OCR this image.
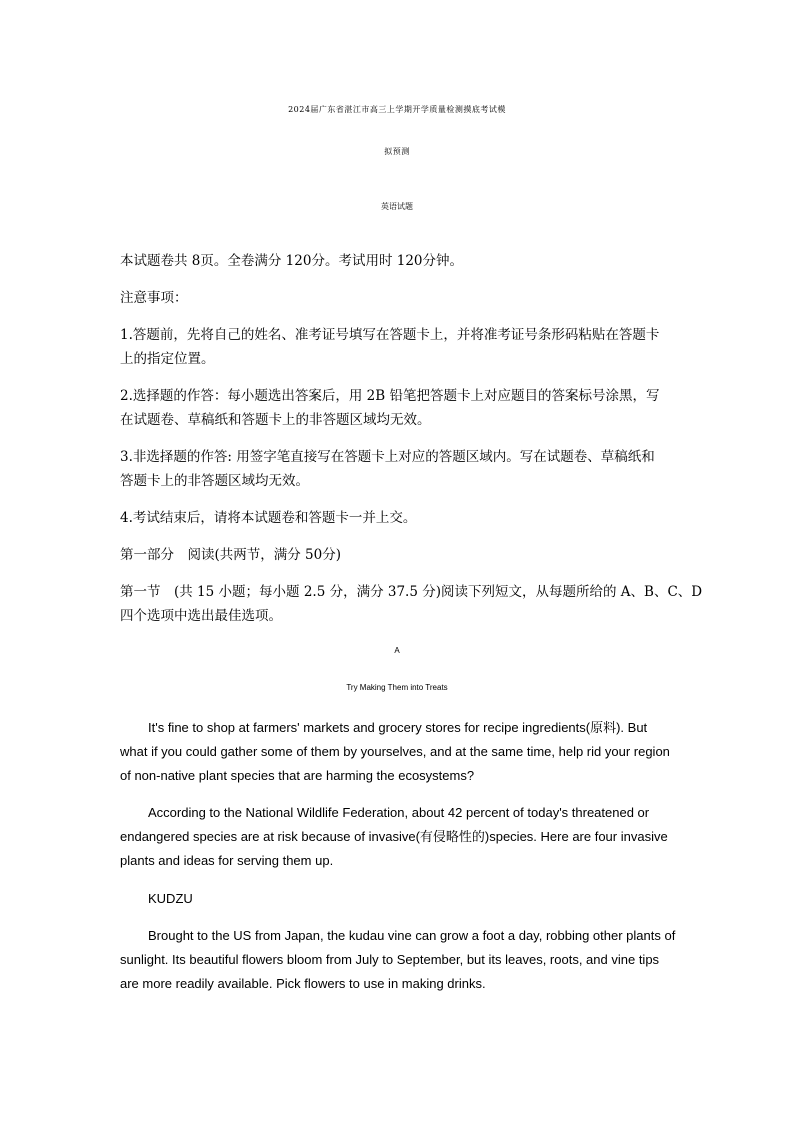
2024届广东省湛江市高三上学期开学质量检测摸底考试模
拟预测
英语试题
本试题卷共 8页。全卷满分 120分。考试用时 120分钟。
注意事项：
1.答题前，先将自己的姓名、准考证号填写在答题卡上，并将准考证号条形码粘贴在答题卡
上的指定位置。
2.选择题的作答：每小题选出答案后，用 2B 铅笔把答题卡上对应题目的答案标号涂黑，写
在试题卷、草稿纸和答题卡上的非答题区域均无效。
3.非选择题的作答: 用签字笔直接写在答题卡上对应的答题区域内。写在试题卷、草稿纸和
答题卡上的非答题区域均无效。
4.考试结束后，请将本试题卷和答题卡一并上交。
第一部分　阅读(共两节，满分 50分)
第一节　(共 15 小题；每小题 2.5 分，满分 37.5 分)阅读下列短文，从每题所给的 A、B、C、D
四个选项中选出最佳选项。
A
Try Making Them into Treats
It's fine to shop at farmers' markets and grocery stores for recipe ingredients(原料). But
what if you could gather some of them by yourselves, and at the same time, help rid your region
of non-native plant species that are harming the ecosystems?
According to the National Wildlife Federation, about 42 percent of today's threatened or
endangered species are at risk because of invasive(有侵略性的)species. Here are four invasive
plants and ideas for serving them up.
KUDZU
Brought to the US from Japan, the kudau vine can grow a foot a day, robbing other plants of
sunlight. Its beautiful flowers bloom from July to September, but its leaves, roots, and vine tips
are more readily available. Pick flowers to use in making drinks.
